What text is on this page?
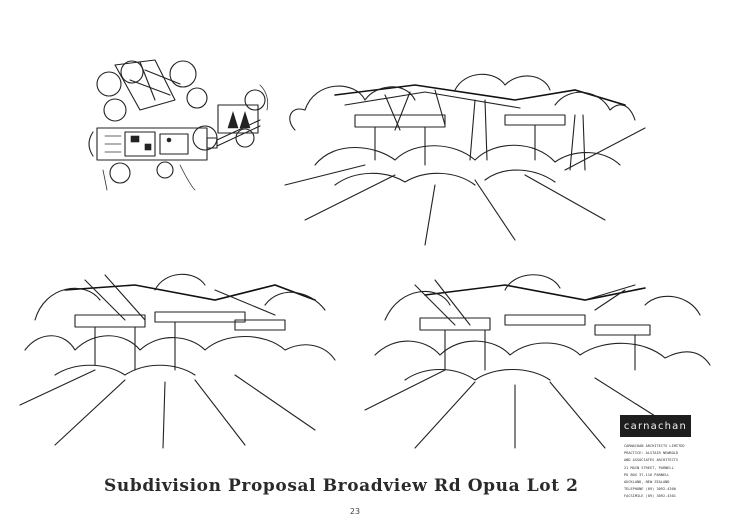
carnachan
CARNACHAN ARCHITECTS LIMITED
PRACTICE: ALSTAIR NEWBOLD
AND ASSOCIATES ARCHITECTS
21 MAIN STREET, PARNELL
PO BOX 37-116 PARNELL
AUCKLAND, NEW ZEALAND
TELEPHONE (09) 3092-4300
FACSIMILE (09) 3092-4301
Subdivision Proposal Broadview Rd Opua Lot 2
23
